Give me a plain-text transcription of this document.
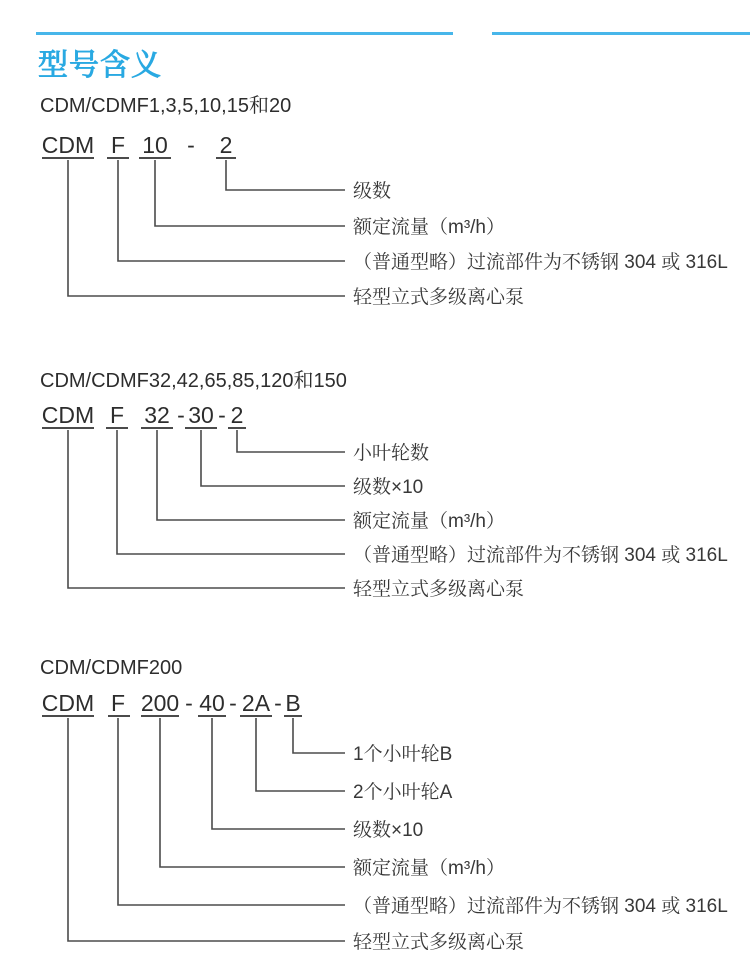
型号含义
CDM/CDMF1,3,5,10,15和20
CDM F 10 - 2
级数
额定流量（m³/h）
（普通型略）过流部件为不锈钢 304 或 316L
轻型立式多级离心泵
CDM/CDMF32,42,65,85,120和150
CDM F 32 - 30 - 2
小叶轮数
级数×10
额定流量（m³/h）
（普通型略）过流部件为不锈钢 304 或 316L
轻型立式多级离心泵
CDM/CDMF200
CDM F 200 - 40 - 2A - B
1个小叶轮B
2个小叶轮A
级数×10
额定流量（m³/h）
（普通型略）过流部件为不锈钢 304 或 316L
轻型立式多级离心泵
